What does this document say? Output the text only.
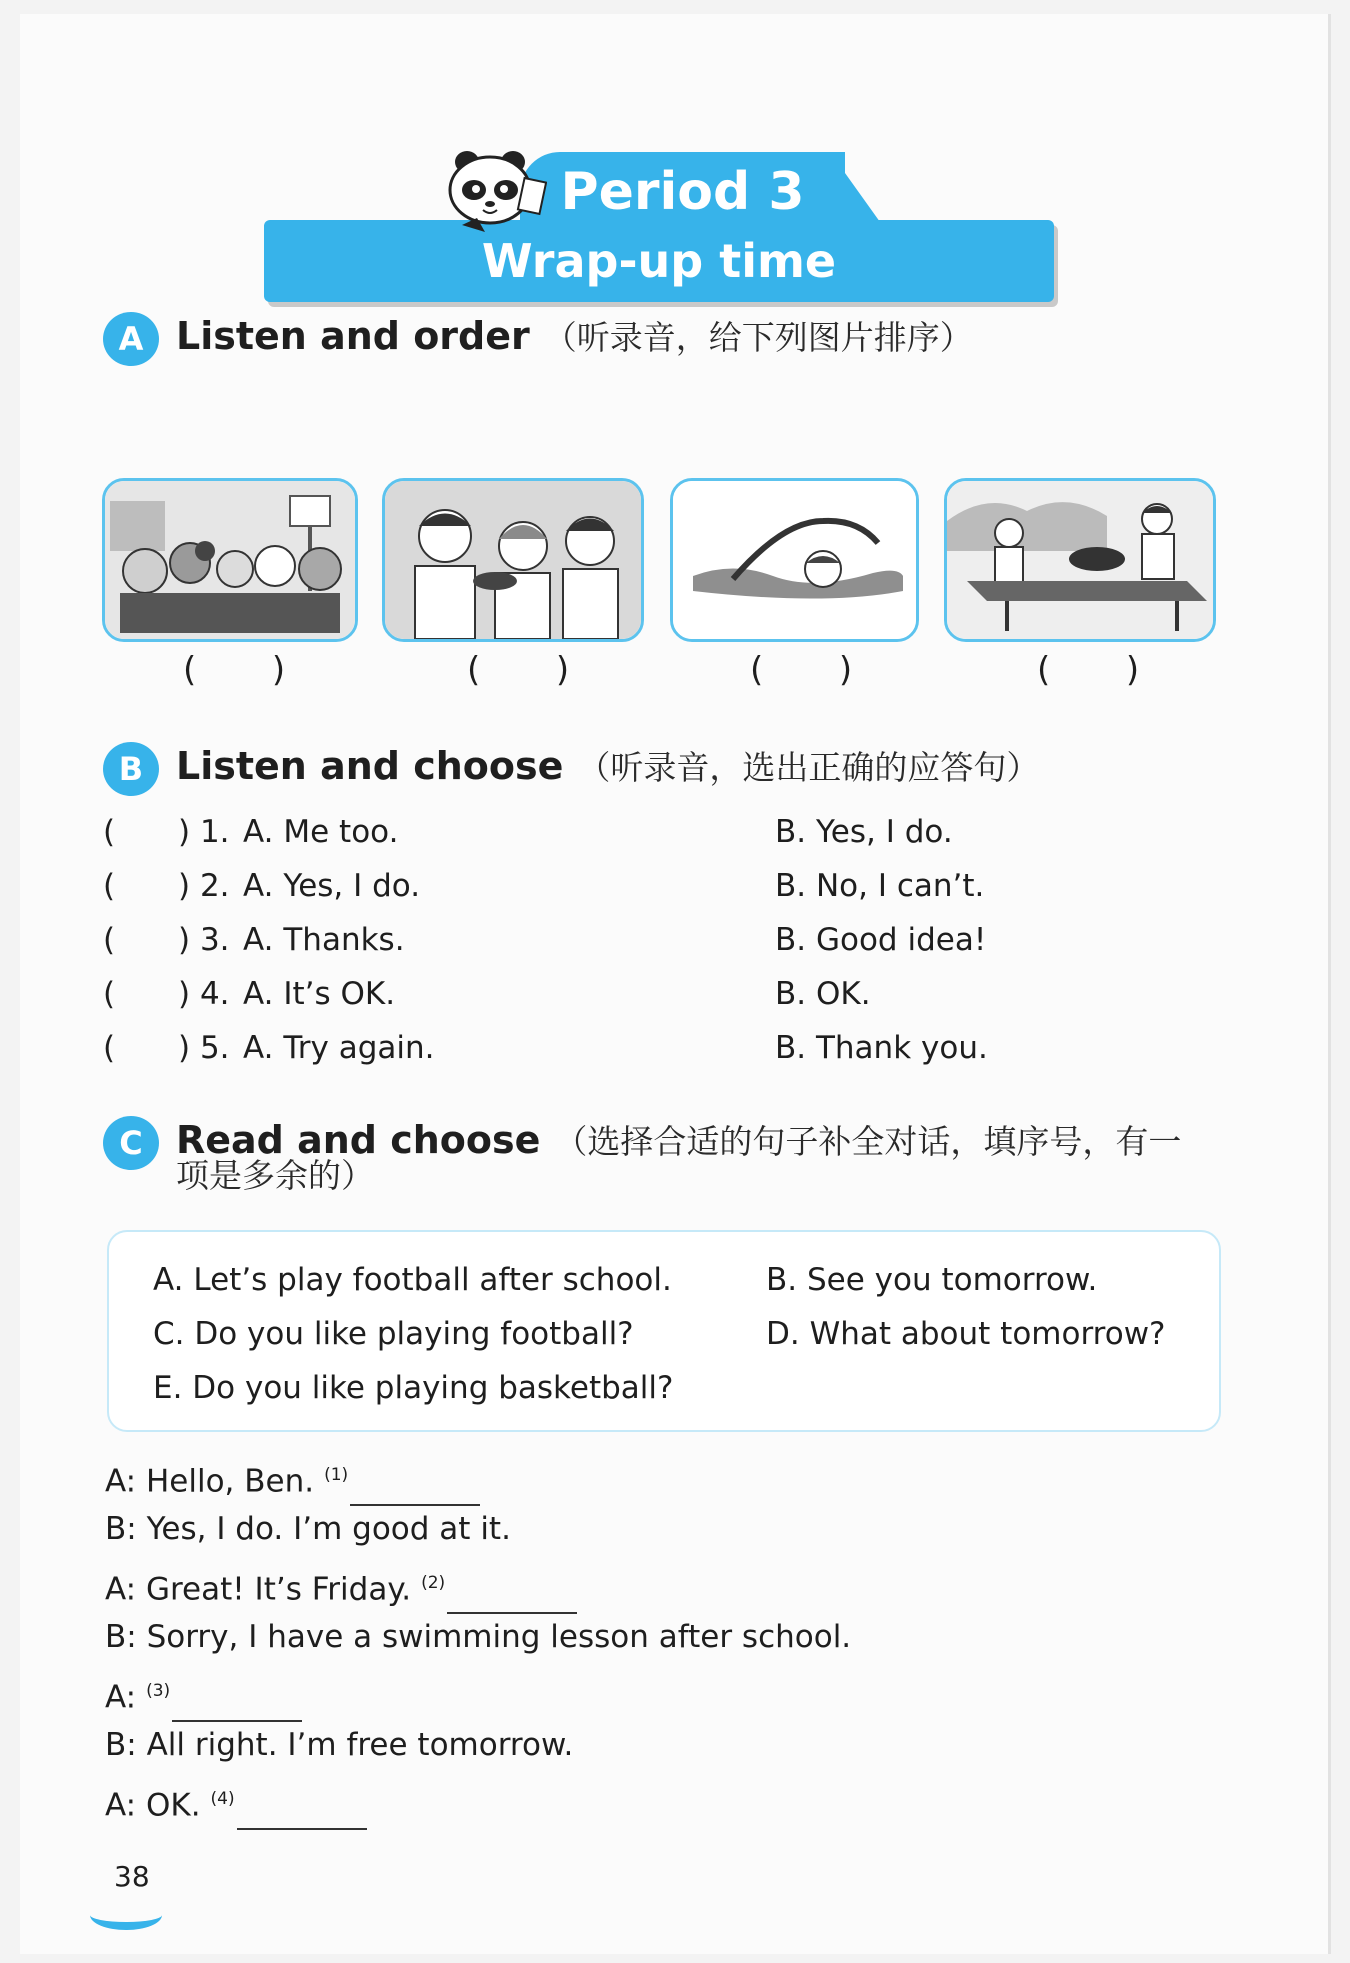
Period 3
Wrap-up time
A Listen and order （听录音，给下列图片排序）
(       )	(       )	(       )	(       )
B Listen and choose （听录音，选出正确的应答句）
( ) 1. A. Me too.	B. Yes, I do.
( ) 2. A. Yes, I do.	B. No, I can’t.
( ) 3. A. Thanks.	B. Good idea!
( ) 4. A. It’s OK.	B. OK.
( ) 5. A. Try again.	B. Thank you.
C Read and choose （选择合适的句子补全对话，填序号，有一
项是多余的）
A. Let’s play football after school.	B. See you tomorrow.
C. Do you like playing football?	D. What about tomorrow?
E. Do you like playing basketball?
A: Hello, Ben. $^{(1)}$
B: Yes, I do. I’m good at it.
A: Great! It’s Friday. $^{(2)}$
B: Sorry, I have a swimming lesson after school.
A: $^{(3)}$
B: All right. I’m free tomorrow.
A: OK. $^{(4)}$
38
